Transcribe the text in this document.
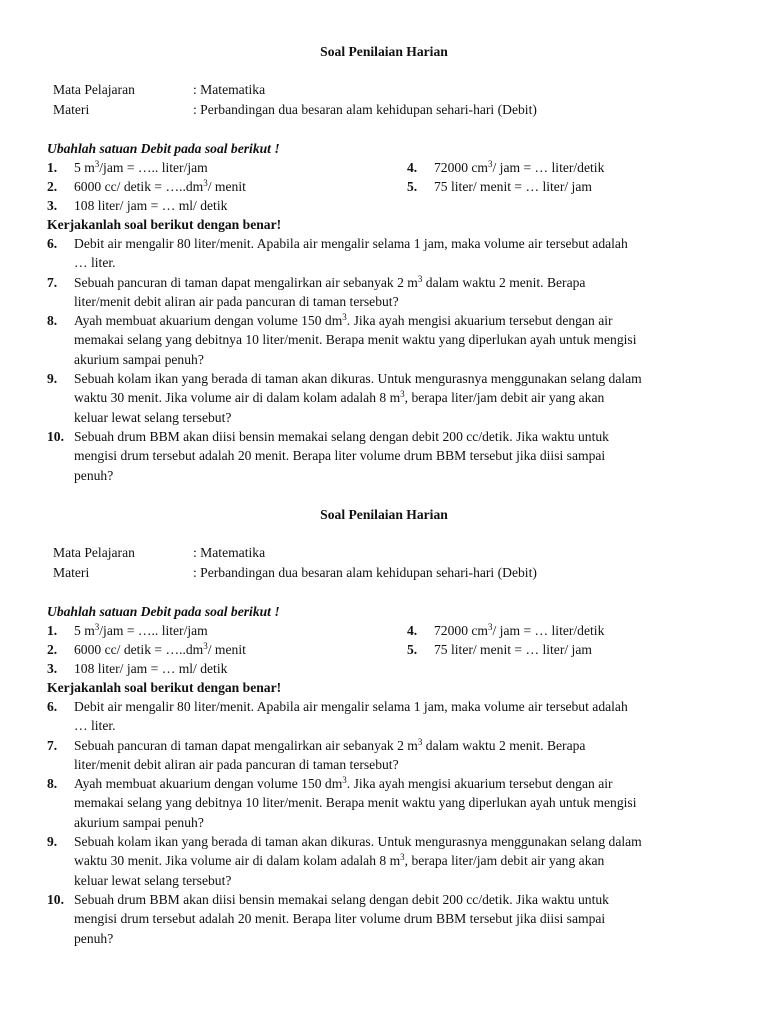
Soal Penilaian Harian
Mata Pelajaran	: Matematika
Materi	: Perbandingan dua besaran alam kehidupan sehari-hari (Debit)
Ubahlah satuan Debit pada soal berikut !
1. 5 $m^3$/jam = ….. liter/jam
2. 6000 cc/ detik = $\dots..dm^3/$ menit
3. 108 liter/ jam = … ml/ detik
4. 72000 $cm^3/$ jam = … liter/detik
5. 75 liter/ menit = … liter/ jam
Kerjakanlah soal berikut dengan benar!
6. Debit air mengalir 80 liter/menit. Apabila air mengalir selama 1 jam, maka volume air tersebut adalah
… liter.
7. Sebuah pancuran di taman dapat mengalirkan air sebanyak 2 $m^3$ dalam waktu 2 menit. Berapa
liter/menit debit aliran air pada pancuran di taman tersebut?
8. Ayah membuat akuarium dengan volume 150 $dm^3$. Jika ayah mengisi akuarium tersebut dengan air
memakai selang yang debitnya 10 liter/menit. Berapa menit waktu yang diperlukan ayah untuk mengisi
akurium sampai penuh?
9. Sebuah kolam ikan yang berada di taman akan dikuras. Untuk mengurasnya menggunakan selang dalam
waktu 30 menit. Jika volume air di dalam kolam adalah 8 $m^3$, berapa liter/jam debit air yang akan
keluar lewat selang tersebut?
10. Sebuah drum BBM akan diisi bensin memakai selang dengan debit 200 cc/detik. Jika waktu untuk
mengisi drum tersebut adalah 20 menit. Berapa liter volume drum BBM tersebut jika diisi sampai
penuh?
Soal Penilaian Harian
Mata Pelajaran	: Matematika
Materi	: Perbandingan dua besaran alam kehidupan sehari-hari (Debit)
Ubahlah satuan Debit pada soal berikut !
1. 5 $m^3$/jam = ….. liter/jam
2. 6000 cc/ detik = $\dots..dm^3/$ menit
3. 108 liter/ jam = … ml/ detik
4. 72000 $cm^3/$ jam = … liter/detik
5. 75 liter/ menit = … liter/ jam
Kerjakanlah soal berikut dengan benar!
6. Debit air mengalir 80 liter/menit. Apabila air mengalir selama 1 jam, maka volume air tersebut adalah
… liter.
7. Sebuah pancuran di taman dapat mengalirkan air sebanyak 2 $m^3$ dalam waktu 2 menit. Berapa
liter/menit debit aliran air pada pancuran di taman tersebut?
8. Ayah membuat akuarium dengan volume 150 $dm^3$. Jika ayah mengisi akuarium tersebut dengan air
memakai selang yang debitnya 10 liter/menit. Berapa menit waktu yang diperlukan ayah untuk mengisi
akurium sampai penuh?
9. Sebuah kolam ikan yang berada di taman akan dikuras. Untuk mengurasnya menggunakan selang dalam
waktu 30 menit. Jika volume air di dalam kolam adalah 8 $m^3$, berapa liter/jam debit air yang akan
keluar lewat selang tersebut?
10. Sebuah drum BBM akan diisi bensin memakai selang dengan debit 200 cc/detik. Jika waktu untuk
mengisi drum tersebut adalah 20 menit. Berapa liter volume drum BBM tersebut jika diisi sampai
penuh?
